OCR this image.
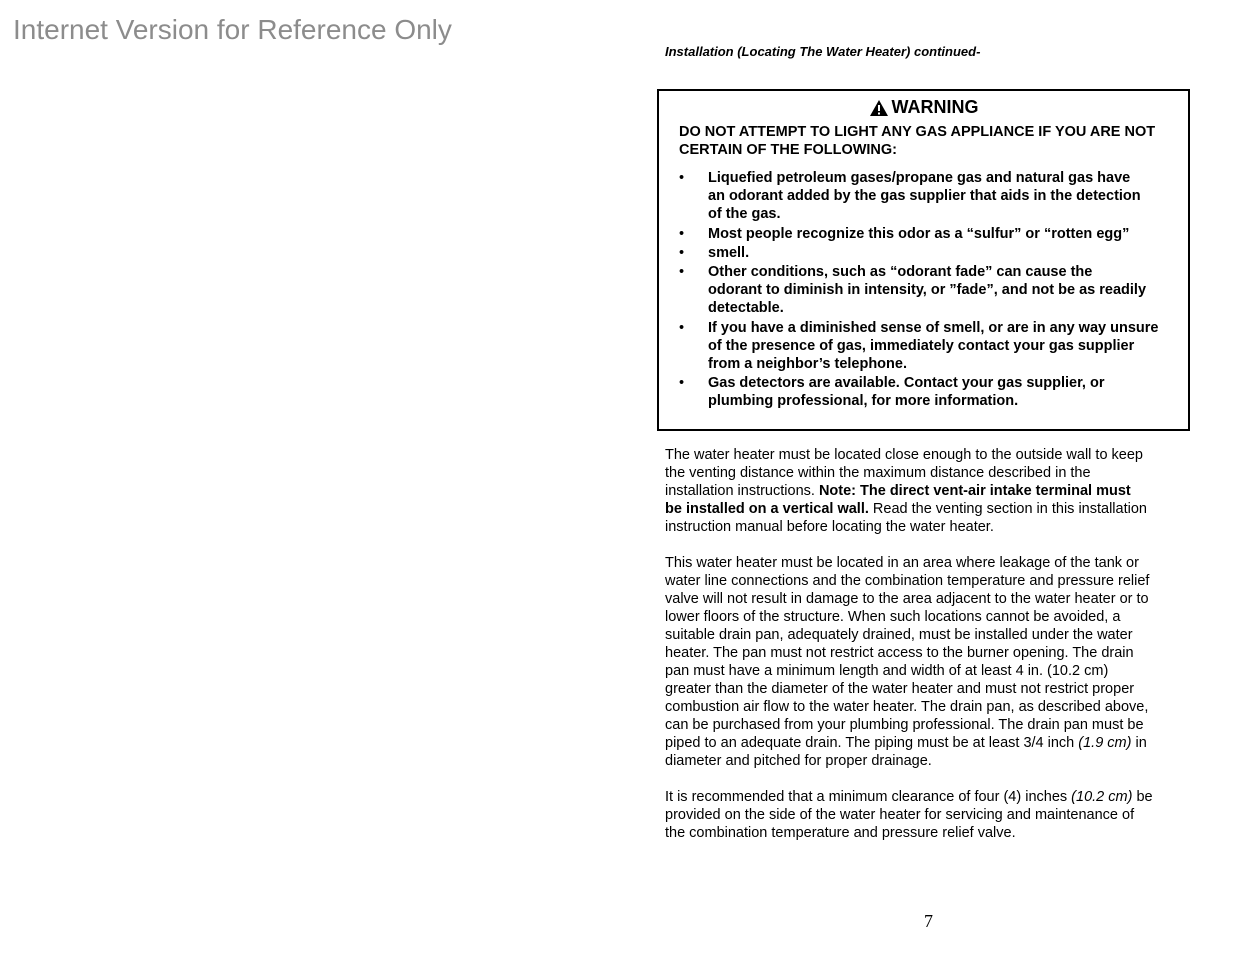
Internet Version for Reference Only
Installation (Locating The Water Heater) continued-
WARNING

DO NOT ATTEMPT TO LIGHT ANY GAS APPLIANCE IF YOU ARE NOT CERTAIN OF THE FOLLOWING:

• Liquefied petroleum gases/propane gas and natural gas have
an odorant added by the gas supplier that aids in the detection
of the gas.
• Most people recognize this odor as a “sulfur” or “rotten egg”
• smell.
• Other conditions, such as “odorant fade” can cause the
odorant to diminish in intensity, or ”fade”, and not be as readily
detectable.
• If you have a diminished sense of smell, or are in any way unsure
of the presence of gas, immediately contact your gas supplier
from a neighbor’s telephone.
• Gas detectors are available. Contact your gas supplier, or
plumbing professional, for more information.

The water heater must be located close enough to the outside wall to keep
the venting distance within the maximum distance described in the
installation instructions. Note: The direct vent-air intake terminal must
be installed on a vertical wall. Read the venting section in this installation
instruction manual before locating the water heater.

This water heater must be located in an area where leakage of the tank or
water line connections and the combination temperature and pressure relief
valve will not result in damage to the area adjacent to the water heater or to
lower floors of the structure. When such locations cannot be avoided, a
suitable drain pan, adequately drained, must be installed under the water
heater. The pan must not restrict access to the burner opening. The drain
pan must have a minimum length and width of at least 4 in. (10.2 cm)
greater than the diameter of the water heater and must not restrict proper
combustion air flow to the water heater. The drain pan, as described above,
can be purchased from your plumbing professional. The drain pan must be
piped to an adequate drain. The piping must be at least 3/4 inch (1.9 cm) in
diameter and pitched for proper drainage.

It is recommended that a minimum clearance of four (4) inches (10.2 cm) be
provided on the side of the water heater for servicing and maintenance of
the combination temperature and pressure relief valve.

7
